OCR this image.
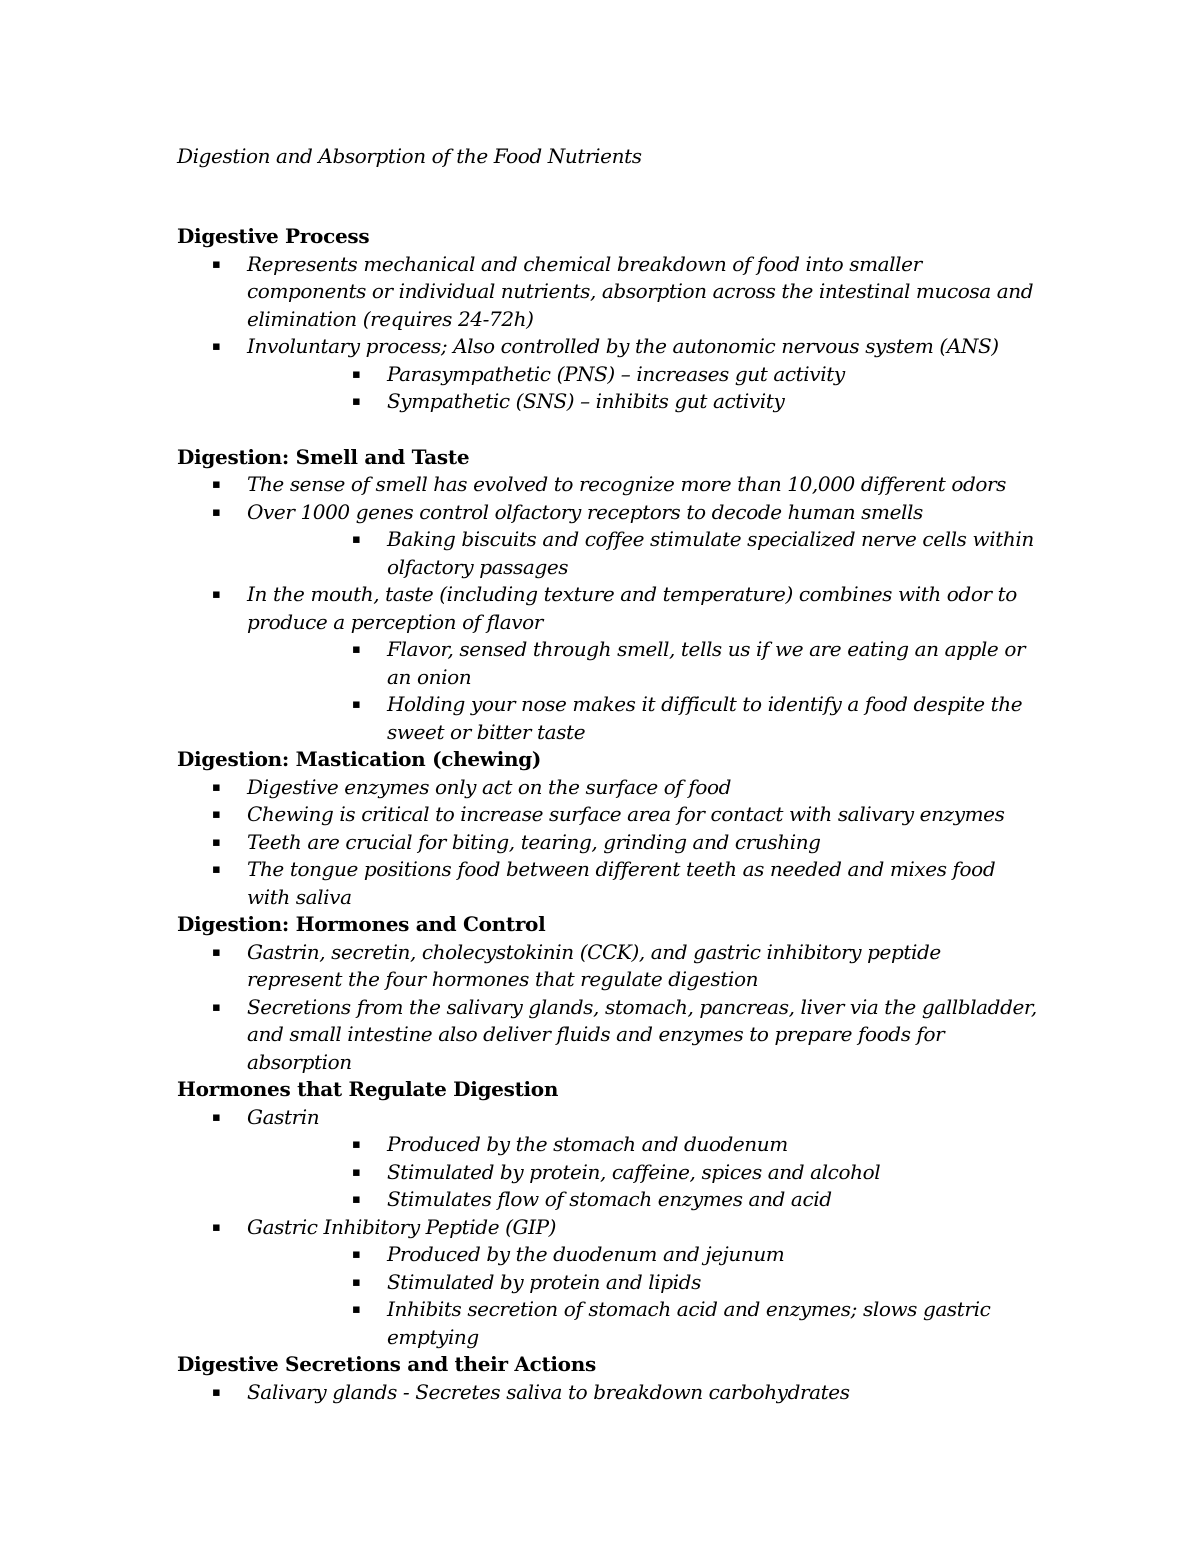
Digestion and Absorption of the Food Nutrients
Digestive Process
▪ Represents mechanical and chemical breakdown of food into smaller components or individual nutrients, absorption across the intestinal mucosa and elimination (requires 24-72h)
▪ Involuntary process; Also controlled by the autonomic nervous system (ANS)
▪ Parasympathetic (PNS) – increases gut activity
▪ Sympathetic (SNS) – inhibits gut activity
Digestion: Smell and Taste
▪ The sense of smell has evolved to recognize more than 10,000 different odors
▪ Over 1000 genes control olfactory receptors to decode human smells
▪ Baking biscuits and coffee stimulate specialized nerve cells within olfactory passages
▪ In the mouth, taste (including texture and temperature) combines with odor to produce a perception of flavor
▪ Flavor, sensed through smell, tells us if we are eating an apple or an onion
▪ Holding your nose makes it difficult to identify a food despite the sweet or bitter taste
Digestion: Mastication (chewing)
▪ Digestive enzymes only act on the surface of food
▪ Chewing is critical to increase surface area for contact with salivary enzymes
▪ Teeth are crucial for biting, tearing, grinding and crushing
▪ The tongue positions food between different teeth as needed and mixes food with saliva
Digestion: Hormones and Control
▪ Gastrin, secretin, cholecystokinin (CCK), and gastric inhibitory peptide represent the four hormones that regulate digestion
▪ Secretions from the salivary glands, stomach, pancreas, liver via the gallbladder, and small intestine also deliver fluids and enzymes to prepare foods for absorption
Hormones that Regulate Digestion
▪ Gastrin
▪ Produced by the stomach and duodenum
▪ Stimulated by protein, caffeine, spices and alcohol
▪ Stimulates flow of stomach enzymes and acid
▪ Gastric Inhibitory Peptide (GIP)
▪ Produced by the duodenum and jejunum
▪ Stimulated by protein and lipids
▪ Inhibits secretion of stomach acid and enzymes; slows gastric emptying
Digestive Secretions and their Actions
▪ Salivary glands - Secretes saliva to breakdown carbohydrates
